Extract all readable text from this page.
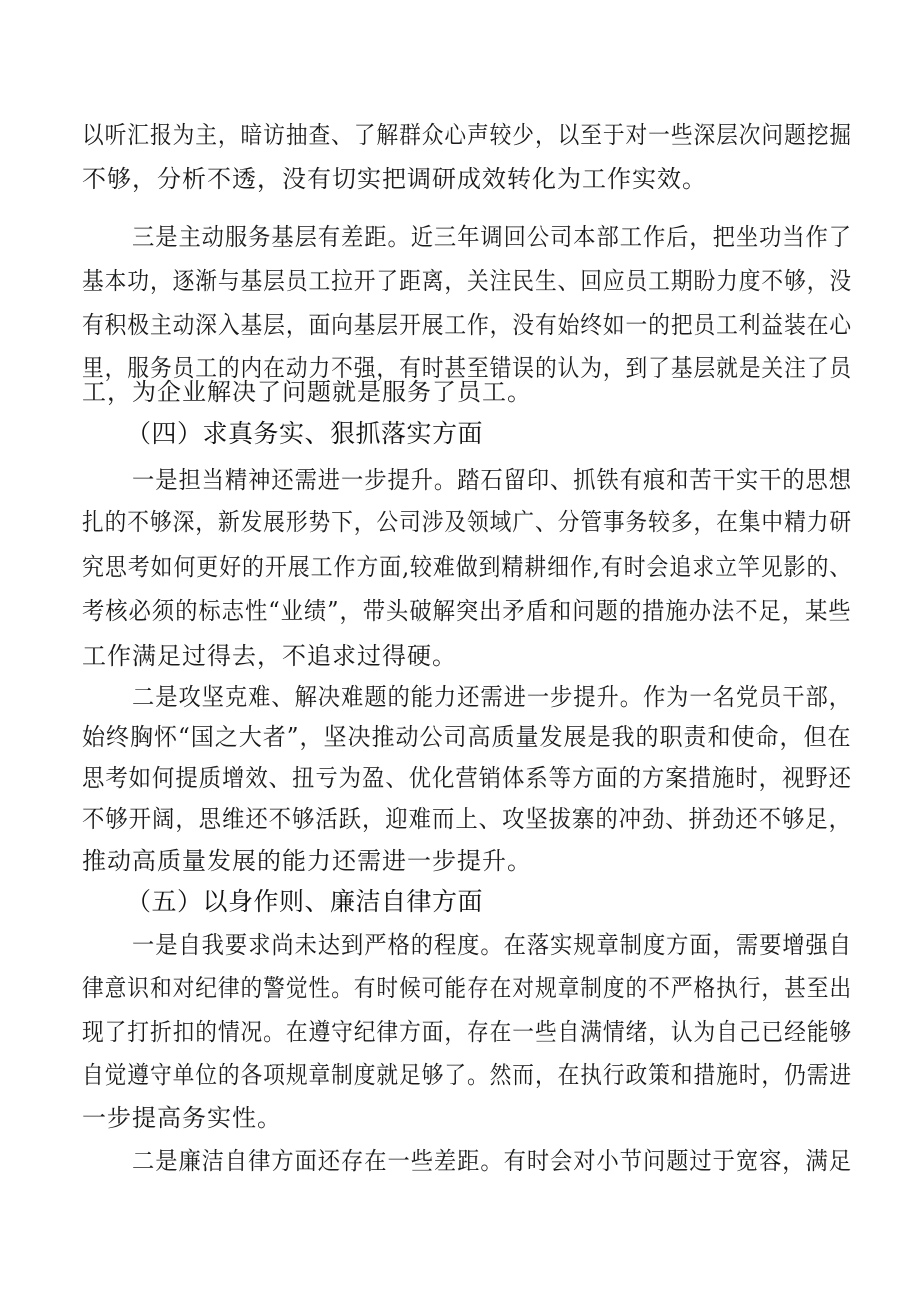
以听汇报为主，暗访抽查、了解群众心声较少，以至于对一些深层次问题挖掘
不够，分析不透，没有切实把调研成效转化为工作实效。
三是主动服务基层有差距。近三年调回公司本部工作后，把坐功当作了
基本功，逐渐与基层员工拉开了距离，关注民生、回应员工期盼力度不够，没
有积极主动深入基层，面向基层开展工作，没有始终如一的把员工利益装在心
里，服务员工的内在动力不强，有时甚至错误的认为，到了基层就是关注了员
工，为企业解决了问题就是服务了员工。
（四）求真务实、狠抓落实方面
一是担当精神还需进一步提升。踏石留印、抓铁有痕和苦干实干的思想
扎的不够深，新发展形势下，公司涉及领域广、分管事务较多，在集中精力研
究思考如何更好的开展工作方面,较难做到精耕细作,有时会追求立竿见影的、
考核必须的标志性“业绩”，带头破解突出矛盾和问题的措施办法不足，某些
工作满足过得去，不追求过得硬。
二是攻坚克难、解决难题的能力还需进一步提升。作为一名党员干部，
始终胸怀“国之大者”，坚决推动公司高质量发展是我的职责和使命，但在
思考如何提质增效、扭亏为盈、优化营销体系等方面的方案措施时，视野还
不够开阔，思维还不够活跃，迎难而上、攻坚拔寨的冲劲、拼劲还不够足，
推动高质量发展的能力还需进一步提升。
（五）以身作则、廉洁自律方面
一是自我要求尚未达到严格的程度。在落实规章制度方面，需要增强自
律意识和对纪律的警觉性。有时候可能存在对规章制度的不严格执行，甚至出
现了打折扣的情况。在遵守纪律方面，存在一些自满情绪，认为自己已经能够
自觉遵守单位的各项规章制度就足够了。然而，在执行政策和措施时，仍需进
一步提高务实性。
二是廉洁自律方面还存在一些差距。有时会对小节问题过于宽容，满足
